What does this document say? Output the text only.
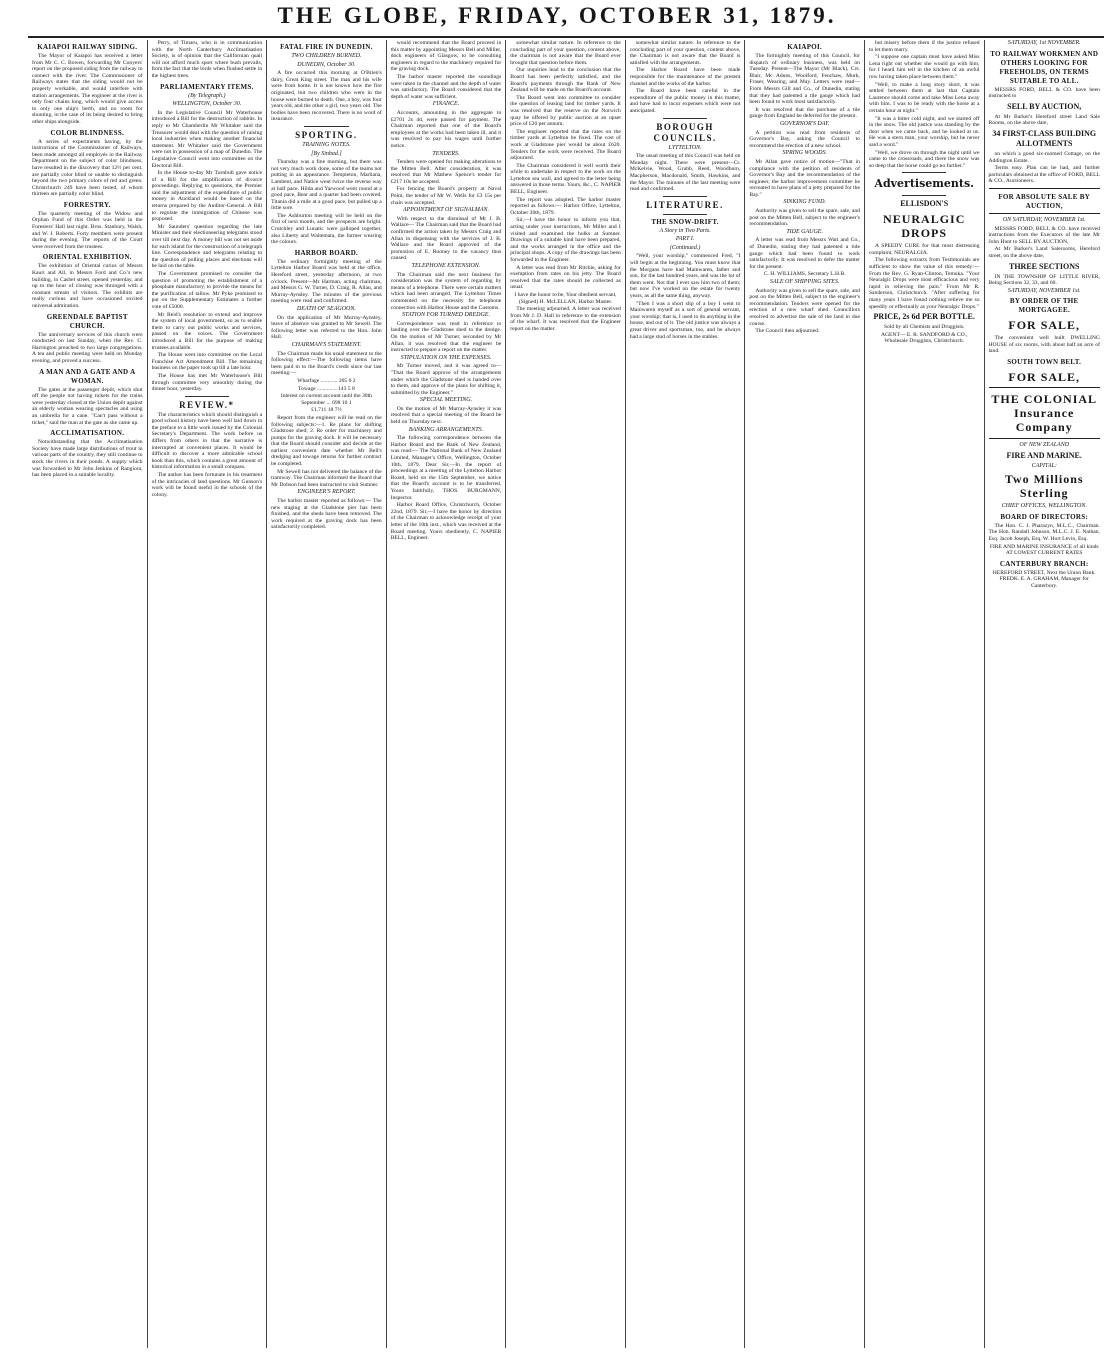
THE GLOBE, FRIDAY, OCTOBER 31, 1879.
KAIAPOI RAILWAY SIDING.

The Mayor of Kaiapoi has received a letter from Mr C. C. Bowen, forwarding Mr Conyers' report on the proposed siding from the railway to connect with the river. The Commissioner of Railways states that the siding would not be properly workable, and would interfere with station arrangements. The engineer at the river is only four chains long, which would give access to only one ship's berth, and no room for shunting, in the case of its being desired to bring other ships alongside.

COLOR BLINDNESS.

A series of experiments having, by the instructions of the Commissioner of Railways, been made amongst all employés in the Railway Department on the subject of color blindness, have resulted in the discovery that 12½ per cent. are partially color blind or unable to distinguish beyond the two primary colors of red and green. Christchurch 249 have been tested, of whom thirteen are partially color blind.

FORRESTRY.

The quarterly meeting of the Widow and Orphan Fund of this Order was held in the Foresters' Hall last night. Bros. Stanbury, Walsh, and W. J. Roberts. Forty members were present during the evening. The reports of the Court were received from the trustees.

ORIENTAL EXHIBITION.

The exhibition of Oriental curios of Messrs Kauri and All, in Messrs Ford and Co.'s new building, in Cashel street, opened yesterday, and up to the hour of closing was thronged with a constant stream of visitors. The exhibits are really curious and have occasioned excited universal admiration.

GREENDALE BAPTIST CHURCH.

The anniversary services of this church were conducted on last Sunday, when the Rev. C. Harrington preached to two large congregations. A tea and public meeting were held on Monday evening, and proved a success.

A MAN AND A GATE AND A WOMAN.

The gates at the passenger depôt, which shut off the people not having tickets for the trains were yesterday closed at the Union depôt against an elderly woman wearing spectacles and using an umbrella for a cane. "Can't pass without a ticket," said the man at the gate as she came up.

ACCLIMATISATION.

Notwithstanding that the Acclimatisation Society have made large distributions of trout in various parts of the country, they still continue to stock the rivers in their ponds. A supply which was forwarded to Mr John Jenkins of Rangiora, has been placed in a suitable locality.

Perry, of Timaru, who is in communication with the North Canterbury Acclimatisation Society, is of opinion that the Californian quail will not afford much sport where bush prevails, from the fact that the birds when flushed settle in the highest trees.

PARLIAMENTARY ITEMS.
(By Telegraph.)
WELLINGTON, October 30.

In the Legislative Council Mr Waterhouse introduced a Bill for the destruction of rabbits. In reply to Mr Chamberlin Mr Whitaker said the Treasurer would deal with the question of raising local industries when making another financial statement. Mr Whitaker said the Government were not in possession of a map of Dunedin. The Legislative Council went into committee on the Electoral Bill.

In the House to-day Mr Turnbull gave notice of a Bill for the amplification of divorce proceedings. Replying to questions, the Premier said the adjustment of the expenditure of public money in Auckland would be based on the returns prepared by the Auditor-General. A Bill to regulate the immigration of Chinese was proposed.

Mr Saunders' question regarding the late Minister and their electioneering telegrams stood over till next day. A money bill was not set aside for each island for the construction of a telegraph line. Correspondence and telegrams relating to the question of polling places and elections will be laid on the table.

The Government promised to consider the question of promoting the establishment of a phosphate manufactory, to provide the means for the purification of tallow. Mr Pyke promised to put on the Supplementary Estimates a further vote of £5000.

Mr Reid's resolution to extend and improve the system of local government, so as to enable them to carry out public works and services, passed on the voices. The Government introduced a Bill for the purpose of making trustees available.

The House went into committee on the Local Franchise Act Amendment Bill. The remaining business on the paper took up till a late hour.

The House has met Mr Waterhouse's Bill through committee very smoothly during the dinner hour, yesterday.

REVIEW.*

The characteristics which should distinguish a good school history have been well laid down in the preface to a little work issued by the Colonial Secretary's Department. The work before us differs from others in that the narrative is interrupted at convenient places. It would be difficult to discover a more admirable school book than this, which contains a great amount of historical information in a small compass.

The author has been fortunate in his treatment of the intricacies of land questions. Mr Gunson's work will be found useful in the schools of the colony.

FATAL FIRE IN DUNEDIN.
TWO CHILDREN BURNED.
DUNEDIN, October 30.

A fire occurred this morning at O'Brien's dairy, Great King street. The man and his wife were from home. It is not known how the fire originated, but two children who were in the house were burned to death. One, a boy, was four years old, and the other a girl, two years old. The bodies have been recovered. There is no word of insurance.

SPORTING.
TRAINING NOTES.
[By Sinbad.]

Thursday was a fine morning, but there was not very much work done, some of the teams not putting in an appearance. Templeton, Marliana, Lambent, and Natice went twice the reverse way at half pace. Hilda and Yarwood went round at a good pace, Bear and a quarter had been covered. Titania did a mile at a good pace, but pulled up a little sore.

The Ashburton meeting will be held on the first of next month, and the prospects are bright. Crutchley and Lunatic were galloped together, also Liberty and Waitemata, the former wearing the colours.

HARBOR BOARD.

The ordinary fortnightly meeting of the Lyttelton Harbor Board was held at the office, Hereford street, yesterday afternoon, at two o'clock. Present—Mr Harman, acting chairman, and Messrs G. W. Turner, D. Craig, R. Allan, and Murray-Aynsley. The minutes of the previous meeting were read and confirmed.

DEATH OF SEAGOON.

On the application of Mr Murray-Aynsley, leave of absence was granted to Mr Sewell. The following letter was referred to the Hon. John Hall.

CHAIRMAN'S STATEMENT.

The Chairman made his usual statement to the following effect:—The following items have been paid in to the Board's credit since our last meeting:—

Wharfage ............ 205 0 2

Towage .............. 143 5 8

Interest on current account until the 30th September ... 698 10 1

£1,711 18 7½

Report from the engineer will be read on the following subjects:—1. Re plans for shifting Gladstone shed; 2. Re order for machinery and pumps for the graving dock. It will be necessary that the Board should consider and decide at the earliest convenient date whether Mr Bell's dredging and towage returns for further contract be completed.

Mr Sewell has not delivered the balance of the tramway. The Chairman informed the Board that Mr Dobson had been instructed to visit Sumner.

ENGINEER'S REPORT.

The harbor master reported as follows:— The new staging at the Gladstone pier has been finished, and the sheds have been removed. The work required at the graving dock has been satisfactorily completed.

would recommend that the Board proceed in this matter by appointing Messrs Bell and Miller, dock engineers of Glasgow, to be consulting engineers in regard to the machinery required for the graving dock.

The harbor master reported the soundings were taken in the channel and the depth of water was satisfactory. The Board considered that the depth of water was sufficient.

FINANCE.

Accounts, amounting in the aggregate to £2701 2s 4d, were passed for payment. The Chairman reported that one of the Board's employees at the works had been taken ill, and it was resolved to pay his wages until further notice.

TENDERS.

Tenders were opened for making alterations to the Mitten Bell. After consideration, it was resolved that Mr Mathew Spence's tender for £217 10s be accepted.

For fencing the Board's property at Naval Point, the tender of Mr W. Wells for £3 15s per chain was accepted.

APPOINTMENT OF SIGNALMAN.

With respect to the dismissal of Mr J. B. Wallace— The Chairman said that the Board had confirmed the action taken by Messrs Craig and Allan in dispensing with the services of J. B. Wallace and the Board approved of the promotion of E. Rooney to the vacancy thus caused.

TELEPHONE EXTENSION.

The Chairman said the next business for consideration was the system of regarding by means of a telephone. There were certain matters which had been arranged. The Lyttelton Times commented on the necessity for telephone connection with Harbor House and the Customs.

STATION FOR TURNED DREDGE.

Correspondence was read in reference to landing over the Gladstone shed to the dredge. On the motion of Mr Turner, seconded by Mr Allan, it was resolved that the engineer be instructed to prepare a report on the matter.

STIPULATION ON THE EXPENSES.

Mr Turner moved, and it was agreed to— "That the Board approve of the arrangements under which the Gladstone shed is handed over to them, and approve of the plans for shifting it, submitted by the Engineer."

SPECIAL MEETING.

On the motion of Mr Murray-Aynsley it was resolved that a special meeting of the Board be held on Thursday next.

BANKING ARRANGEMENTS.

The following correspondence between the Harbor Board and the Bank of New Zealand, was read:— The National Bank of New Zealand Limited, Manager's Office, Wellington, October 10th, 1879. Dear Sir,—In the report of proceedings at a meeting of the Lyttelton Harbor Board, held on the 15th September, we notice that the Board's account is to be transferred. Yours faithfully, THOS. BURGMANN, Inspector.

Harbor Board Office, Christchurch, October 22nd, 1879. Sir,—I have the honor by direction of the Chairman to acknowledge receipt of your letter of the 10th inst., which was received at the Board meeting. Yours obediently, C. NAPIER BELL, Engineer.

somewhat similar nature. In reference to the concluding part of your question, content above, the chairman is not aware that the Board ever brought that question before them.

Our inquiries lead to the conclusion that the Board has been perfectly satisfied, and the Board's payments through the Bank of New Zealand will be made on the Board's account.

The Board went into committee to consider the question of leasing land for timber yards. It was resolved that the reserve on the Norwich quay be offered by public auction at an upset price of £20 per annum.

The engineer reported that the rates on the timber yards at Lyttelton be fixed. The cost of work at Gladstone pier would be about £620. Tenders for the work were received. The Board adjourned.

The Chairman considered it well worth their while to undertake in respect to the work on the Lyttelton sea wall, and agreed to the letter being answered in those terms. Yours, &c., C. NAPIER BELL, Engineer.

The report was adopted. The harbor master reported as follows:— Harbor Office, Lyttelton, October 30th, 1879.

Sir,—I have the honor to inform you that, acting under your instructions, Mr Miller and I visited and examined the hulks at Sumner. Drawings of a suitable kind have been prepared, and the works arranged in the office and the principal shops. A copy of the drawings has been forwarded to the Engineer.

A letter was read from Mr Ritchie, asking for exemption from rates on his jetty. The Board resolved that the rates should be collected as usual.

I have the honor to be, Your obedient servant, (Signed) H. McLELLAN, Harbor Master.

The meeting adjourned. A letter was received from Mr J. D. Hall in reference to the extension of the wharf. It was resolved that the Engineer report on the matter.

somewhat similar nature. In reference to the concluding part of your question, content above, the Chairman is not aware that the Board is satisfied with the arrangements.

The Harbor Board have been made responsible for the maintenance of the present channel and the works of the harbor.

The Board have been careful in the expenditure of the public money in this matter, and have had to incur expenses which were not anticipated.

BOROUGH COUNCILS.
LYTTELTON.

The usual meeting of this Council was held on Monday night. There were present—Cr. McKelvie, Wood, Grubb, Reed, Woodburn, Macpherson, Macdonald, Smith, Hawkins, and the Mayor. The minutes of the last meeting were read and confirmed.

LITERATURE.
THE SNOW-DRIFT.
A Story in Two Parts.
PART I.
(Continued.)

"Well, your worship," commenced Fred, "I will begin at the beginning. You must know that the Morgans have had Mainwaren, father and son, for the last hundred years, and was the lot of them went. Not that I ever saw him two of them; but now I've worked on the estate for twenty years, as all the same thing, anyway.

"Then I was a short slip of a boy I went to Mainwaren myself as a sort of general servant, your worship; that is, I used to do anything in the house, and out of it. The old justice was always a great driver and sportsman, too, and he always had a large stud of horses in the stables.

KAIAPOI.

The fortnightly meeting of this Council, for dispatch of ordinary business, was held on Tuesday. Present—The Mayor (Mr Black), Crs. Blair, Mc Aduns, Woolford, Fenchaw, Murk, Fraser, Wearing, and May. Letters were read—From Messrs Gill and Co., of Dunedin, stating that they had patented a tile gauge which had been found to work most satisfactorily.

It was resolved that the purchase of a tile gauge from England be deferred for the present.

GOVERNOR'S DAY.

A petition was read from residents of Governor's Bay, asking the Council to recommend the erection of a new school.

SPRING WOODS.

Mr Allan gave notice of motion—"That in compliance with the petition of residents of Governor's Bay and the recommendation of the engineer, the harbor improvement committee be recreated to have plans of a jetty prepared for the Bay."

SINKING FUND.

Authority was given to sell the spare, sale, and post on the Mitten Bell, subject to the engineer's recommendation.

TIDE GAUGE.

A letter was read from Messrs Watt and Co., of Dunedin, stating they had patented a tide gauge which had been found to work satisfactorily. It was resolved to defer the matter for the present.

C. H. WILLIAMS, Secretary L.H.B.

SALE OF SHIPPING SITES.

Authority was given to sell the spare, sale, and post on the Mitten Bell, subject to the engineer's recommendation. Tenders were opened for the erection of a new wharf shed. Councillors resolved to advertise the sale of the land in due course.

The Council then adjourned.

but misery before them if the justice refused to let them marry.

"I suppose one captain must have asked Miss Lena right out whether she would go with him, for I heard him tell in the kitchen of an awful row having taken place between them."

"Well, to make a long story short, it was settled between them at last that Captain Laurence should come and take Miss Lena away with him. I was to be ready with the horse at a certain hour at night."

"It was a bitter cold night, and we started off in the snow. The old justice was standing by the door when we came back, and he looked at us. He was a stern man, your worship, but he never said a word."

"Well, we drove on through the night until we came to the crossroads, and there the snow was so deep that the horse could go no further."

Advertisements.
ELLISDON'S
NEURALGIC DROPS

A SPEEDY CURE for that most distressing complaint, NEURALGIA.

The following extracts from Testimonials are sufficient to show the value of this remedy:— From the Rev. G. Ryan-Clinton, Temuka. "Your Neuralgic Drops were most efficacious and very rapid in relieving the pain." From Mr R. Sanderson, Christchurch. "After suffering for many years I have found nothing relieve me so speedily or effectually as your Neuralgic Drops."

PRICE, 2s 6d PER BOTTLE.

Sold by all Chemists and Druggists.

AGENT— E. R. SANDFORD & CO., Wholesale Druggists, Christchurch.

SATURDAY, 1st NOVEMBER.
TO RAILWAY WORKMEN AND OTHERS LOOKING FOR FREEHOLDS, ON TERMS SUITABLE TO ALL.

MESSRS FORD, BELL & CO. have been instructed to

SELL BY AUCTION,

At Mr Barker's Hereford street Land Sale Rooms, on the above date,

34 FIRST-CLASS BUILDING ALLOTMENTS

on which a good six-roomed Cottage, on the Addington Estate.

Terms easy. Plan can be had, and further particulars obtained at the office of FORD, BELL & CO., Auctioneers.

FOR ABSOLUTE SALE BY AUCTION,
ON SATURDAY, NOVEMBER 1st.

MESSRS FORD, BELL & CO. have received instructions from the Executors of the late Mr John Hunt to SELL BY AUCTION,

At Mr Barker's Land Salerooms, Hereford street, on the above date,

THREE SECTIONS

IN THE TOWNSHIP OF LITTLE RIVER, Being Sections 32, 33, and 60.

SATURDAY, NOVEMBER 1st.
BY ORDER OF THE MORTGAGEE.
FOR SALE,

The convenient well built DWELLING HOUSE of six rooms, with about half an acre of land.

SOUTH TOWN BELT.
FOR SALE,
THE COLONIAL Insurance Company
OF NEW ZEALAND
FIRE AND MARINE.
CAPITAL:
Two Millions Sterling
CHIEF OFFICES, WELLINGTON.
BOARD OF DIRECTORS:

The Hon. C. J. Pharazyn, M.L.C., Chairman. The Hon. Randall Johnson, M.L.C. J. E. Nathan, Esq. Jacob Joseph, Esq. W. Hort Levin, Esq.

FIRE AND MARINE INSURANCE of all kinds AT LOWEST CURRENT RATES

CANTERBURY BRANCH:

HEREFORD STREET, Next the Union Bank. FREDK. E. A. GRAHAM, Manager for Canterbury.
